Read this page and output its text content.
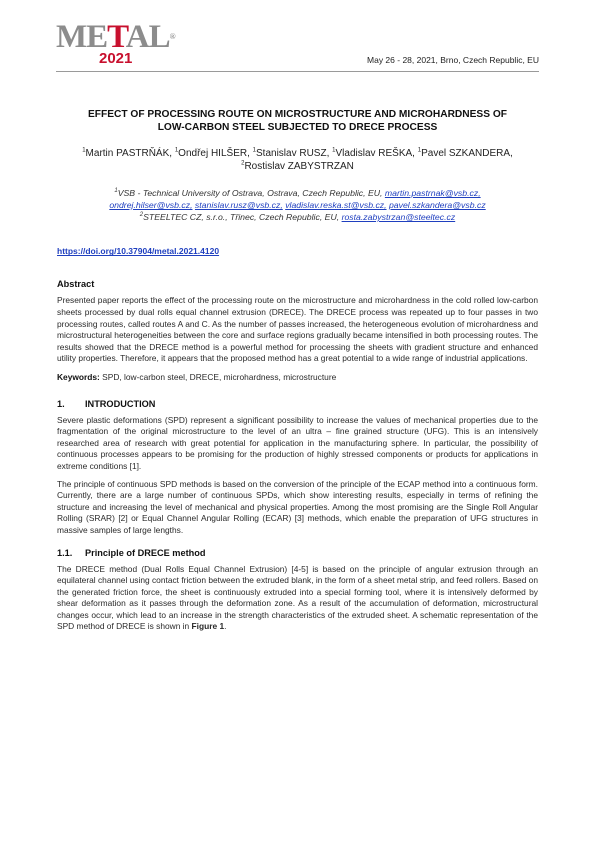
METAL®
2021	May 26 - 28, 2021, Brno, Czech Republic, EU
EFFECT OF PROCESSING ROUTE ON MICROSTRUCTURE AND MICROHARDNESS OF
LOW-CARBON STEEL SUBJECTED TO DRECE PROCESS
$^1$Martin PASTRŇÁK, $^1$Ondřej HILŠER, $^1$Stanislav RUSZ, $^1$Vladislav REŠKA, $^1$Pavel SZKANDERA,
$^2$Rostislav ZABYSTRZAN
$^1$VSB - Technical University of Ostrava, Ostrava, Czech Republic, EU, martin.pastrnak@vsb.cz,
ondrej.hilser@vsb.cz, stanislav.rusz@vsb.cz, vladislav.reska.st@vsb.cz, pavel.szkandera@vsb.cz
$^2$STEELTEC CZ, s.r.o., Třinec, Czech Republic, EU, rosta.zabystrzan@steeltec.cz
https://doi.org/10.37904/metal.2021.4120
Abstract

Presented paper reports the effect of the processing route on the microstructure and microhardness in the cold rolled low-carbon sheets processed by dual rolls equal channel extrusion (DRECE). The DRECE process was repeated up to four passes in two processing routes, called routes A and C. As the number of passes increased, the heterogeneous evolution of microhardness and microstructural heterogeneities between the core and surface regions gradually became intensified in both processing routes. The results showed that the DRECE method is a powerful method for processing the sheets with gradient structure and enhanced utility properties. Therefore, it appears that the proposed method has a great potential to a wide range of industrial applications.

Keywords: SPD, low-carbon steel, DRECE, microhardness, microstructure

1. INTRODUCTION

Severe plastic deformations (SPD) represent a significant possibility to increase the values of mechanical properties due to the fragmentation of the original microstructure to the level of an ultra – fine grained structure (UFG). This is an intensively researched area of research with great potential for application in the manufacturing sphere. In particular, the possibility of continuous processes appears to be promising for the production of highly stressed components or products for applications in extreme conditions [1].

The principle of continuous SPD methods is based on the conversion of the principle of the ECAP method into a continuous form. Currently, there are a large number of continuous SPDs, which show interesting results, especially in terms of refining the structure and increasing the level of mechanical and physical properties. Among the most promising are the Single Roll Angular Rolling (SRAR) [2] or Equal Channel Angular Rolling (ECAR) [3] methods, which enable the preparation of UFG structures in massive samples of large lengths.

1.1. Principle of DRECE method

The DRECE method (Dual Rolls Equal Channel Extrusion) [4-5] is based on the principle of angular extrusion through an equilateral channel using contact friction between the extruded blank, in the form of a sheet metal strip, and feed rollers. Based on the generated friction force, the sheet is continuously extruded into a special forming tool, where it is intensively deformed by shear deformation as it passes through the deformation zone. As a result of the accumulation of deformation, microstructural changes occur, which lead to an increase in the strength characteristics of the extruded sheet. A schematic representation of the SPD method of DRECE is shown in Figure 1.
